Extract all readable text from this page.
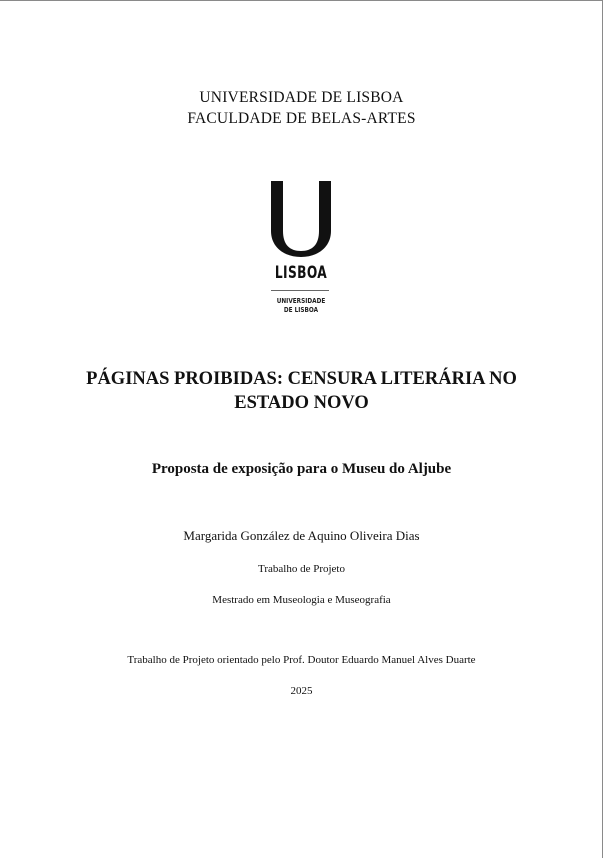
UNIVERSIDADE DE LISBOA
FACULDADE DE BELAS-ARTES
LISBOA
UNIVERSIDADE
DE LISBOA
PÁGINAS PROIBIDAS: CENSURA LITERÁRIA NO
ESTADO NOVO
Proposta de exposição para o Museu do Aljube
Margarida González de Aquino Oliveira Dias
Trabalho de Projeto
Mestrado em Museologia e Museografia
Trabalho de Projeto orientado pelo Prof. Doutor Eduardo Manuel Alves Duarte
2025
